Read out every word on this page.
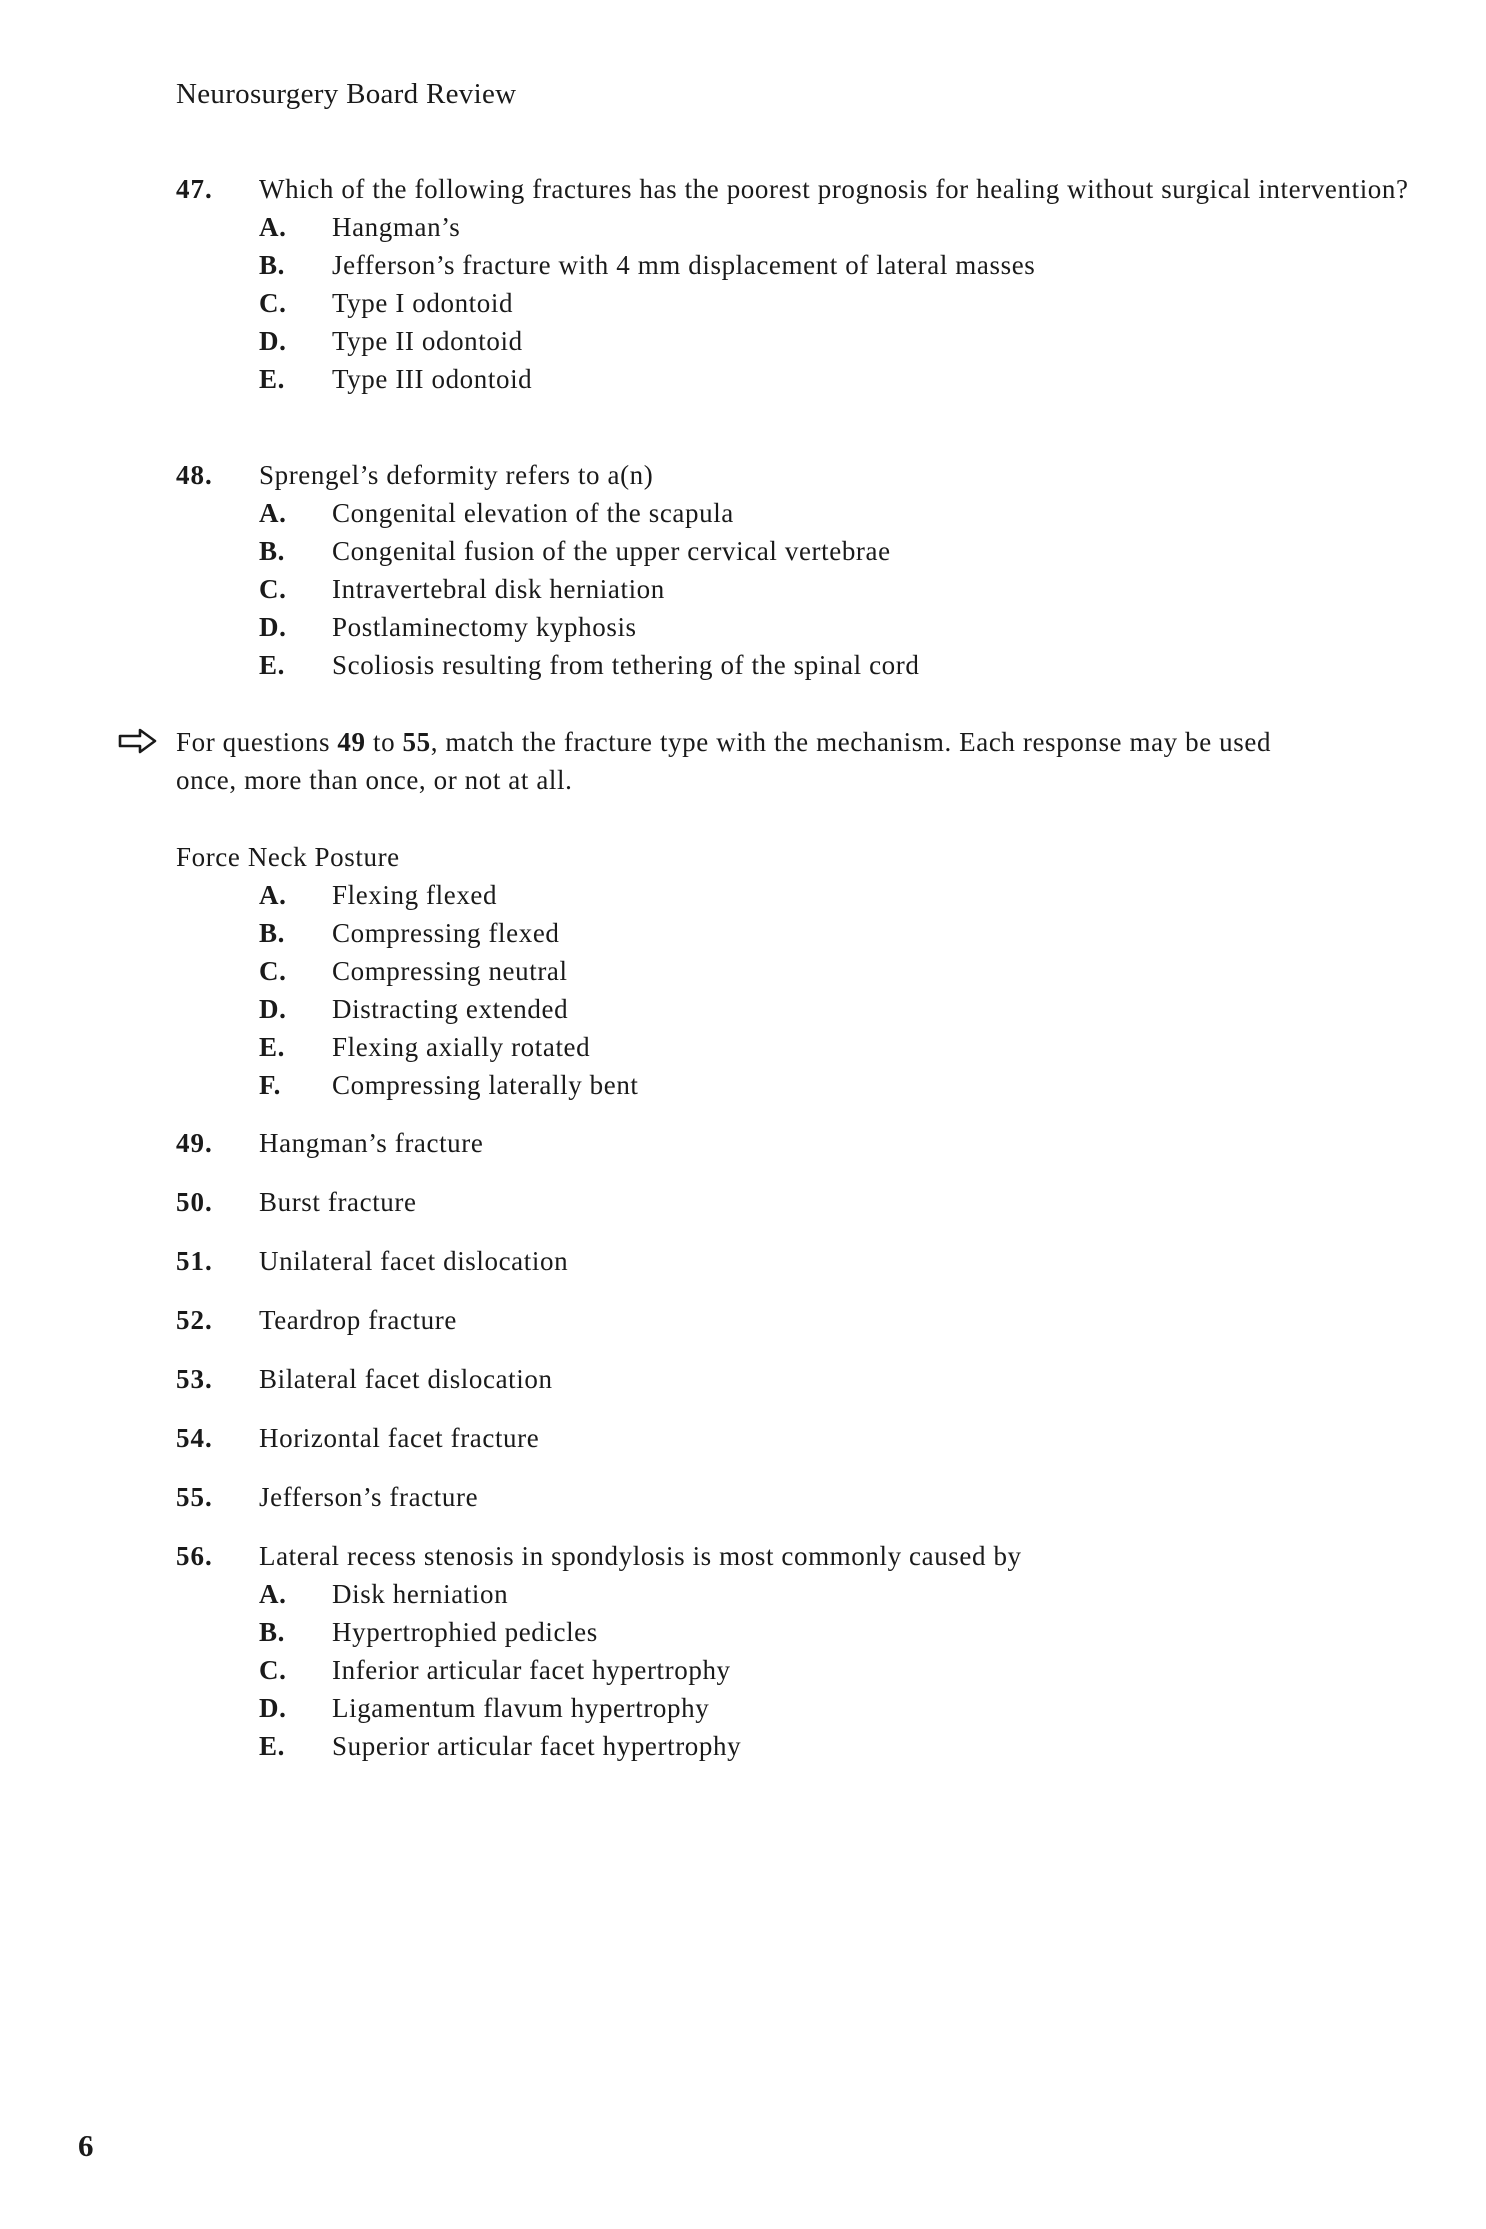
Neurosurgery Board Review
47.	Which of the following fractures has the poorest prognosis for healing without surgical intervention?
A. Hangman’s
B. Jefferson’s fracture with 4 mm displacement of lateral masses
C. Type I odontoid
D. Type II odontoid
E. Type III odontoid
48.	Sprengel’s deformity refers to a(n)
A. Congenital elevation of the scapula
B. Congenital fusion of the upper cervical vertebrae
C. Intravertebral disk herniation
D. Postlaminectomy kyphosis
E. Scoliosis resulting from tethering of the spinal cord
For questions 49 to 55, match the fracture type with the mechanism. Each response may be used once, more than once, or not at all.
Force Neck Posture
A. Flexing flexed
B. Compressing flexed
C. Compressing neutral
D. Distracting extended
E. Flexing axially rotated
F. Compressing laterally bent
49.	Hangman’s fracture
50.	Burst fracture
51.	Unilateral facet dislocation
52.	Teardrop fracture
53.	Bilateral facet dislocation
54.	Horizontal facet fracture
55.	Jefferson’s fracture
56.	Lateral recess stenosis in spondylosis is most commonly caused by
A. Disk herniation
B. Hypertrophied pedicles
C. Inferior articular facet hypertrophy
D. Ligamentum flavum hypertrophy
E. Superior articular facet hypertrophy
6
